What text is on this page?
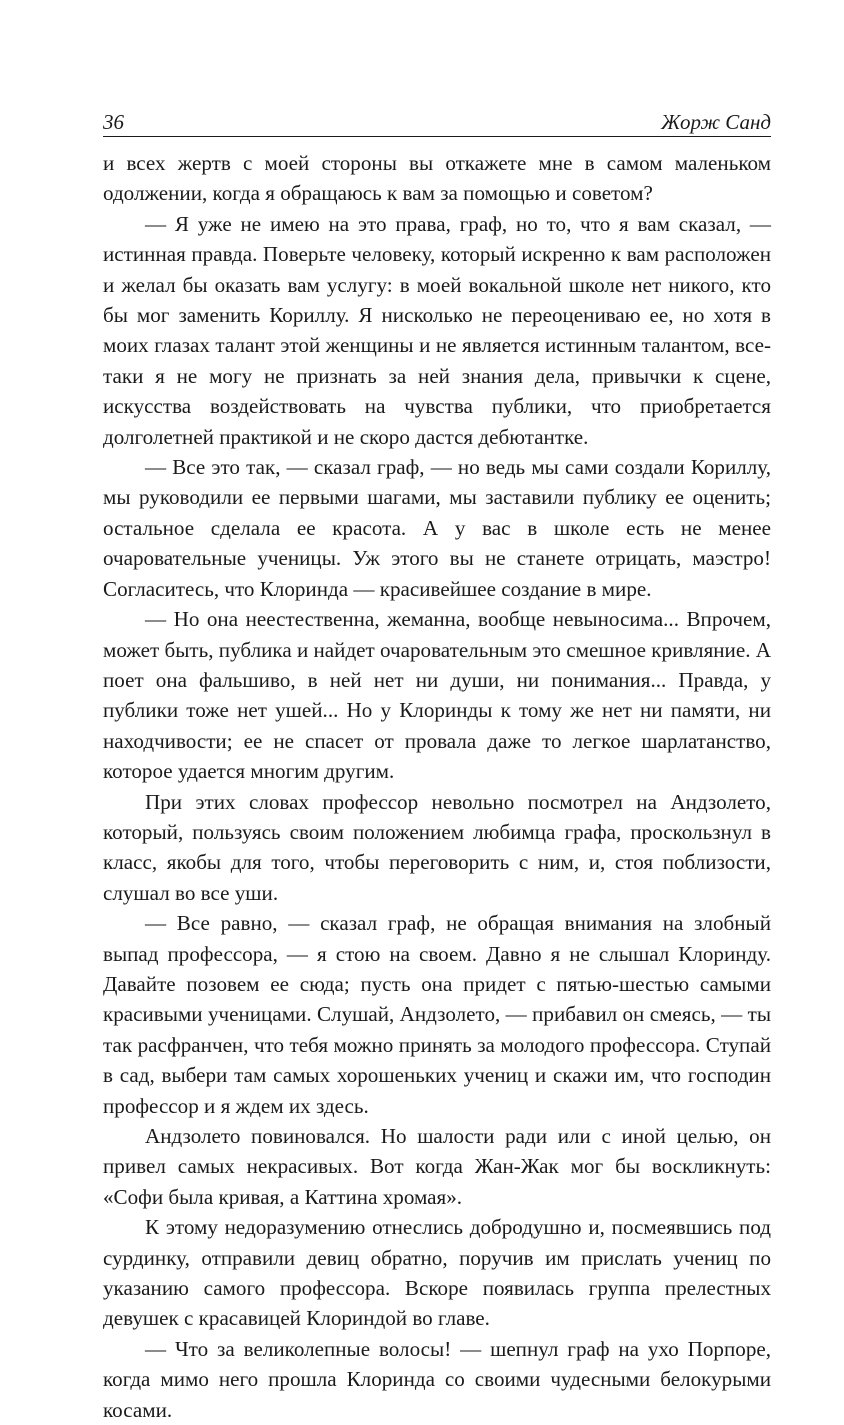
36	Жорж Санд

и всех жертв с моей стороны вы откажете мне в самом маленьком одолжении, когда я обращаюсь к вам за помощью и советом?

— Я уже не имею на это права, граф, но то, что я вам сказал, — истинная правда. Поверьте человеку, который искренно к вам расположен и желал бы оказать вам услугу: в моей вокальной школе нет никого, кто бы мог заменить Кориллу. Я нисколько не переоцениваю ее, но хотя в моих глазах талант этой женщины и не является истинным талантом, все-таки я не могу не признать за ней знания дела, привычки к сцене, искусства воздействовать на чувства публики, что приобретается долголетней практикой и не скоро дастся дебютантке.

— Все это так, — сказал граф, — но ведь мы сами создали Кориллу, мы руководили ее первыми шагами, мы заставили публику ее оценить; остальное сделала ее красота. А у вас в школе есть не менее очаровательные ученицы. Уж этого вы не станете отрицать, маэстро! Согласитесь, что Клоринда — красивейшее создание в мире.

— Но она неестественна, жеманна, вообще невыносима... Впрочем, может быть, публика и найдет очаровательным это смешное кривляние. А поет она фальшиво, в ней нет ни души, ни понимания... Правда, у публики тоже нет ушей... Но у Клоринды к тому же нет ни памяти, ни находчивости; ее не спасет от провала даже то легкое шарлатанство, которое удается многим другим.

При этих словах профессор невольно посмотрел на Андзолето, который, пользуясь своим положением любимца графа, проскользнул в класс, якобы для того, чтобы переговорить с ним, и, стоя поблизости, слушал во все уши.

— Все равно, — сказал граф, не обращая внимания на злобный выпад профессора, — я стою на своем. Давно я не слышал Клоринду. Давайте позовем ее сюда; пусть она придет с пятью-шестью самыми красивыми ученицами. Слушай, Андзолето, — прибавил он смеясь, — ты так расфранчен, что тебя можно принять за молодого профессора. Ступай в сад, выбери там самых хорошеньких учениц и скажи им, что господин профессор и я ждем их здесь.

Андзолето повиновался. Но шалости ради или с иной целью, он привел самых некрасивых. Вот когда Жан-Жак мог бы воскликнуть: «Софи была кривая, а Каттина хромая».

К этому недоразумению отнеслись добродушно и, посмеявшись под сурдинку, отправили девиц обратно, поручив им прислать учениц по указанию самого профессора. Вскоре появилась группа прелестных девушек с красавицей Клориндой во главе.

— Что за великолепные волосы! — шепнул граф на ухо Порпоре, когда мимо него прошла Клоринда со своими чудесными белокурыми косами.
